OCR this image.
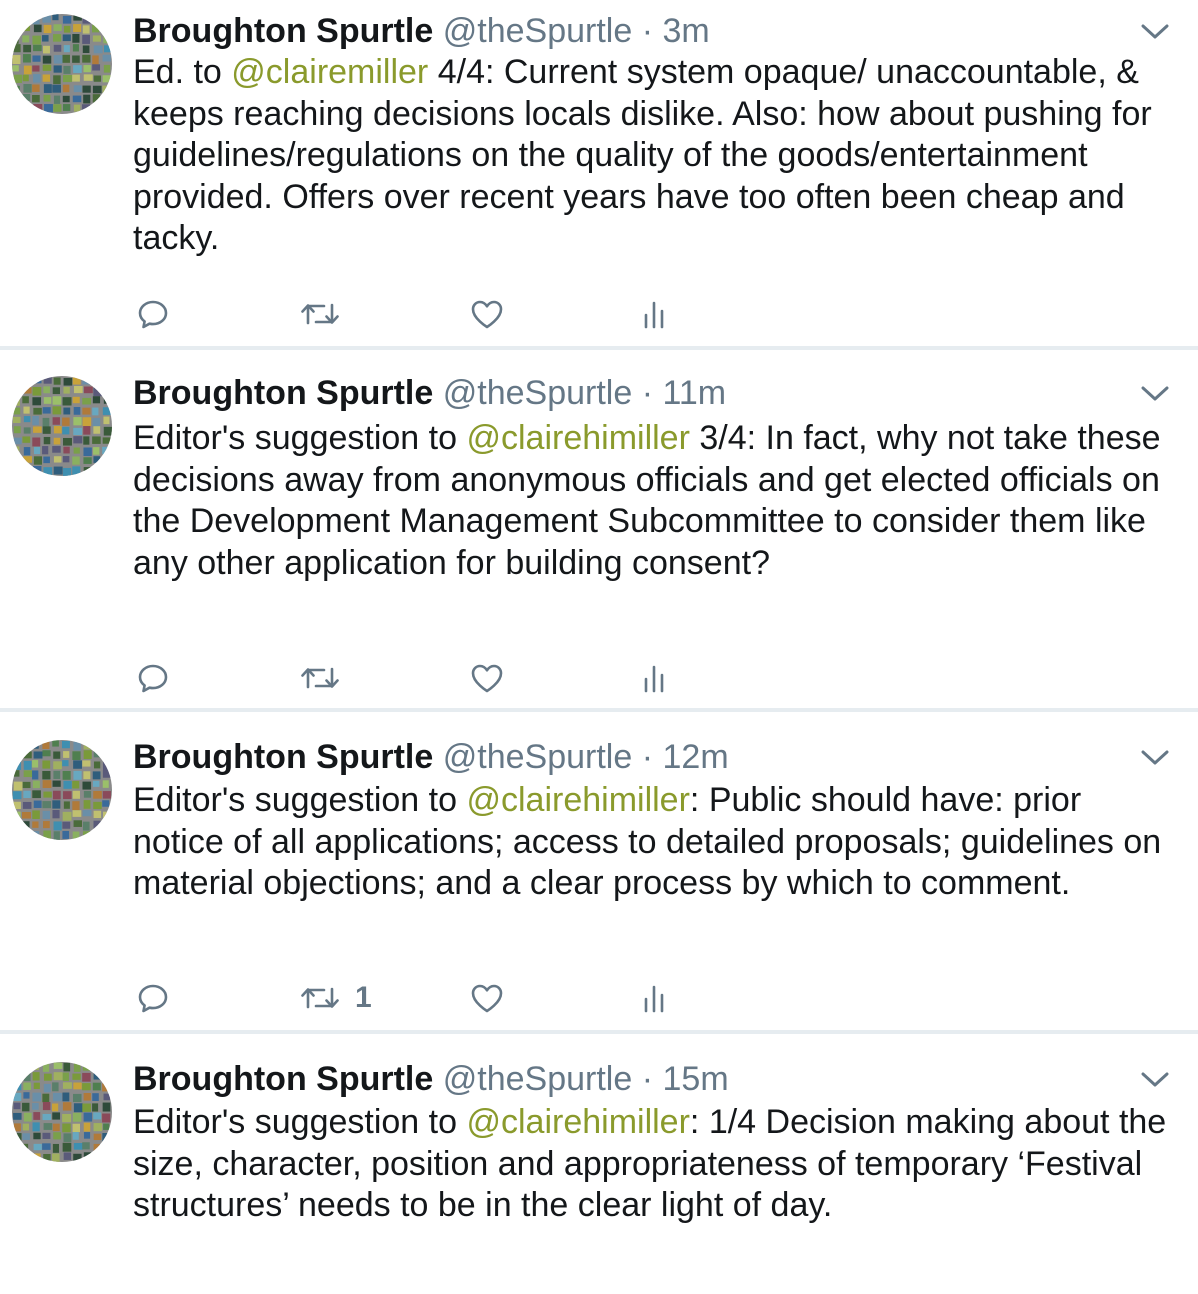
Broughton Spurtle @theSpurtle · 3m
Ed. to @clairemiller 4/4: Current system opaque/ unaccountable, & keeps reaching decisions locals dislike. Also: how about pushing for guidelines/regulations on the quality of the goods/entertainment provided. Offers over recent years have too often been cheap and tacky.
Broughton Spurtle @theSpurtle · 11m
Editor's suggestion to @clairehimiller 3/4: In fact, why not take these decisions away from anonymous officials and get elected officials on the Development Management Subcommittee to consider them like any other application for building consent?
Broughton Spurtle @theSpurtle · 12m
Editor's suggestion to @clairehimiller: Public should have: prior notice of all applications; access to detailed proposals; guidelines on material objections; and a clear process by which to comment.
1
Broughton Spurtle @theSpurtle · 15m
Editor's suggestion to @clairehimiller: 1/4 Decision making about the size, character, position and appropriateness of temporary ‘Festival structures’ needs to be in the clear light of day.
